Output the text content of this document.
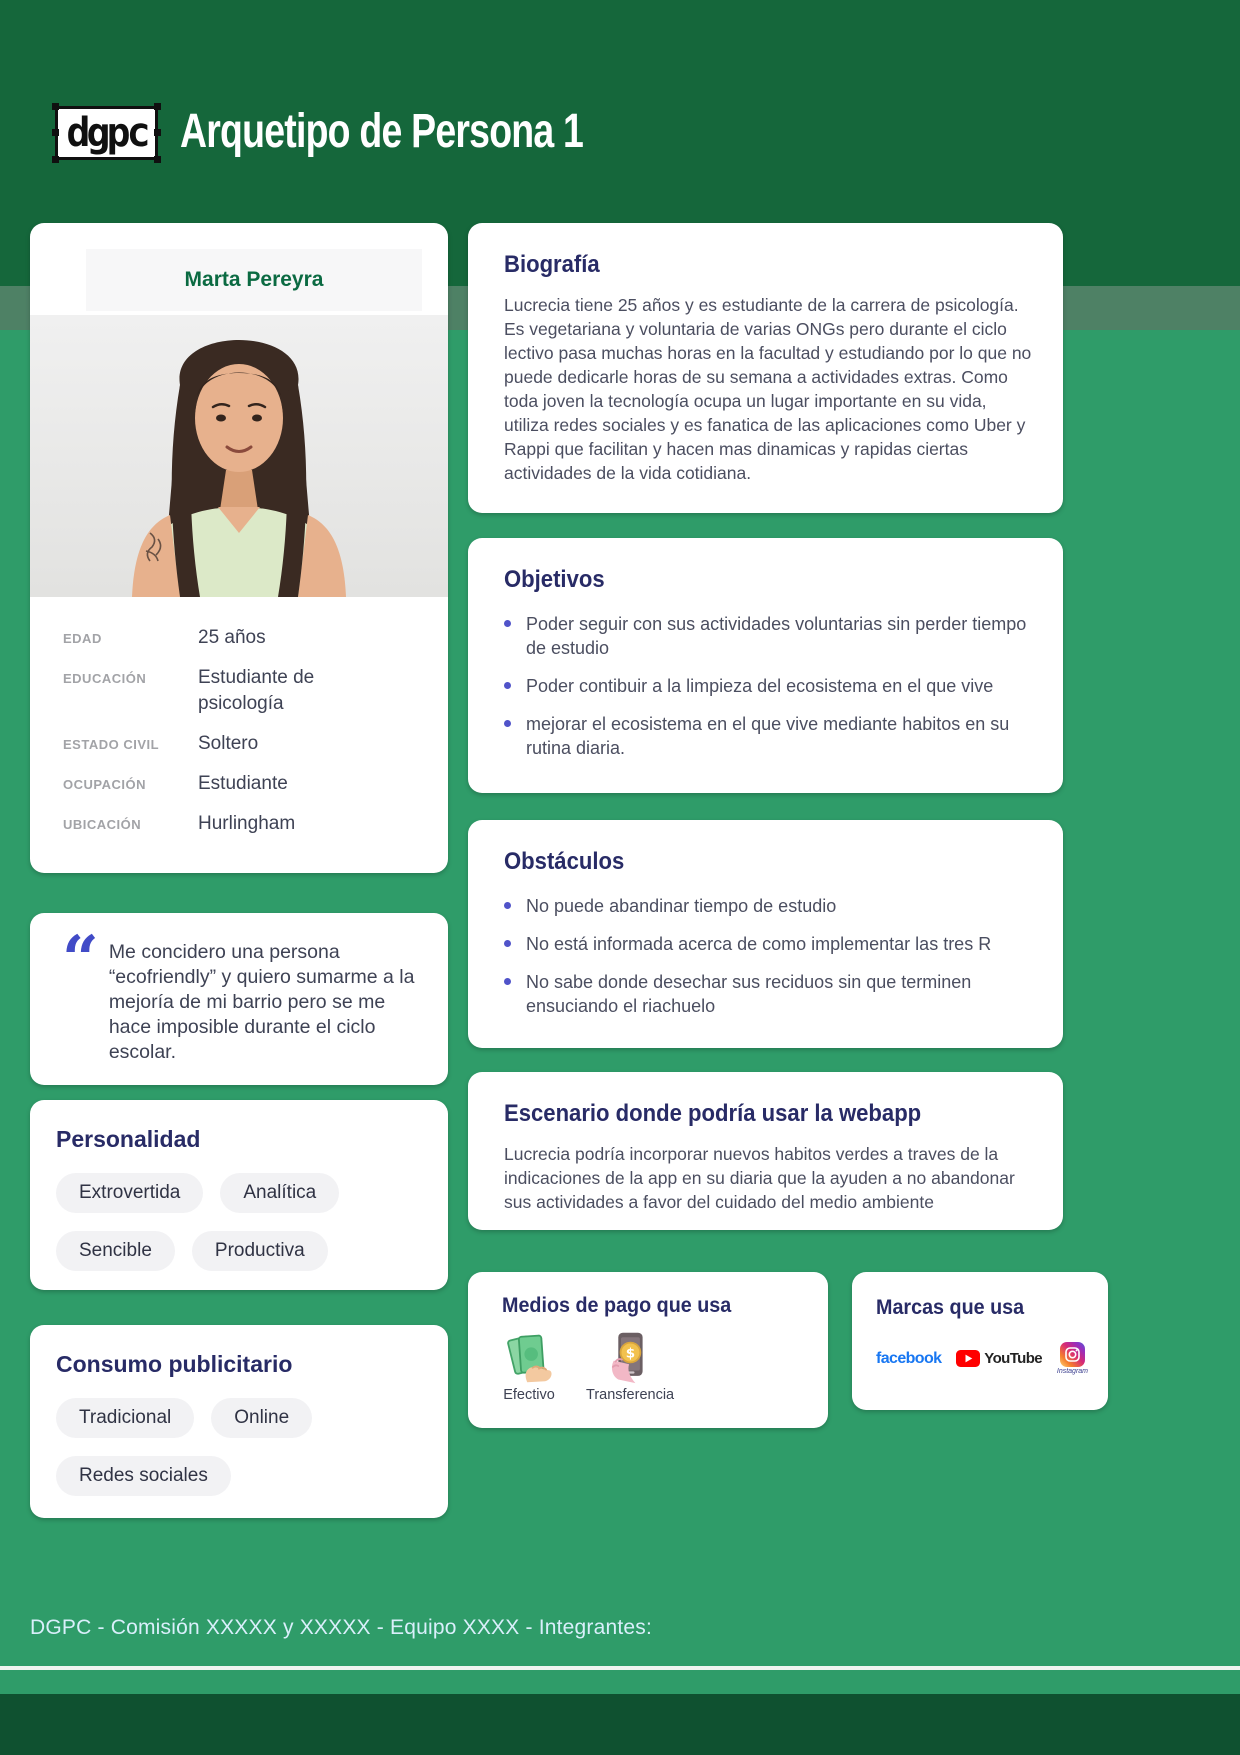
dgpc Arquetipo de Persona 1
Marta Pereyra
EDAD	25 años
EDUCACIÓN	Estudiante de psicología
ESTADO CIVIL	Soltero
OCUPACIÓN	Estudiante
UBICACIÓN	Hurlingham
“ Me concidero una persona “ecofriendly” y quiero sumarme a la mejoría de mi barrio pero se me hace imposible durante el ciclo escolar.
Personalidad
Extrovertida	Analítica
Sencible	Productiva
Consumo publicitario
Tradicional	Online
Redes sociales
Biografía
Lucrecia tiene 25 años y es estudiante de la carrera de psicología. Es vegetariana y voluntaria de varias ONGs pero durante el ciclo lectivo pasa muchas horas en la facultad y estudiando por lo que no puede dedicarle horas de su semana a actividades extras. Como toda joven la tecnología ocupa un lugar importante en su vida, utiliza redes sociales y es fanatica de las aplicaciones como Uber y Rappi que facilitan y hacen mas dinamicas y rapidas ciertas actividades de la vida cotidiana.
Objetivos
Poder seguir con sus actividades voluntarias sin perder tiempo de estudio
Poder contibuir a la limpieza del ecosistema en el que vive
mejorar el ecosistema en el que vive mediante habitos en su rutina diaria.
Obstáculos
No puede abandinar tiempo de estudio
No está informada acerca de como implementar las tres R
No sabe donde desechar sus reciduos sin que terminen ensuciando el riachuelo
Escenario donde podría usar la webapp
Lucrecia podría incorporar nuevos habitos verdes a traves de la indicaciones de la app en su diaria que la ayuden a no abandonar sus actividades a favor del cuidado del medio ambiente
Medios de pago que usa
Efectivo
$
Transferencia
Marcas que usa
facebook	YouTube
Instagram
DGPC - Comisión XXXXX y XXXXX - Equipo XXXX - Integrantes:
